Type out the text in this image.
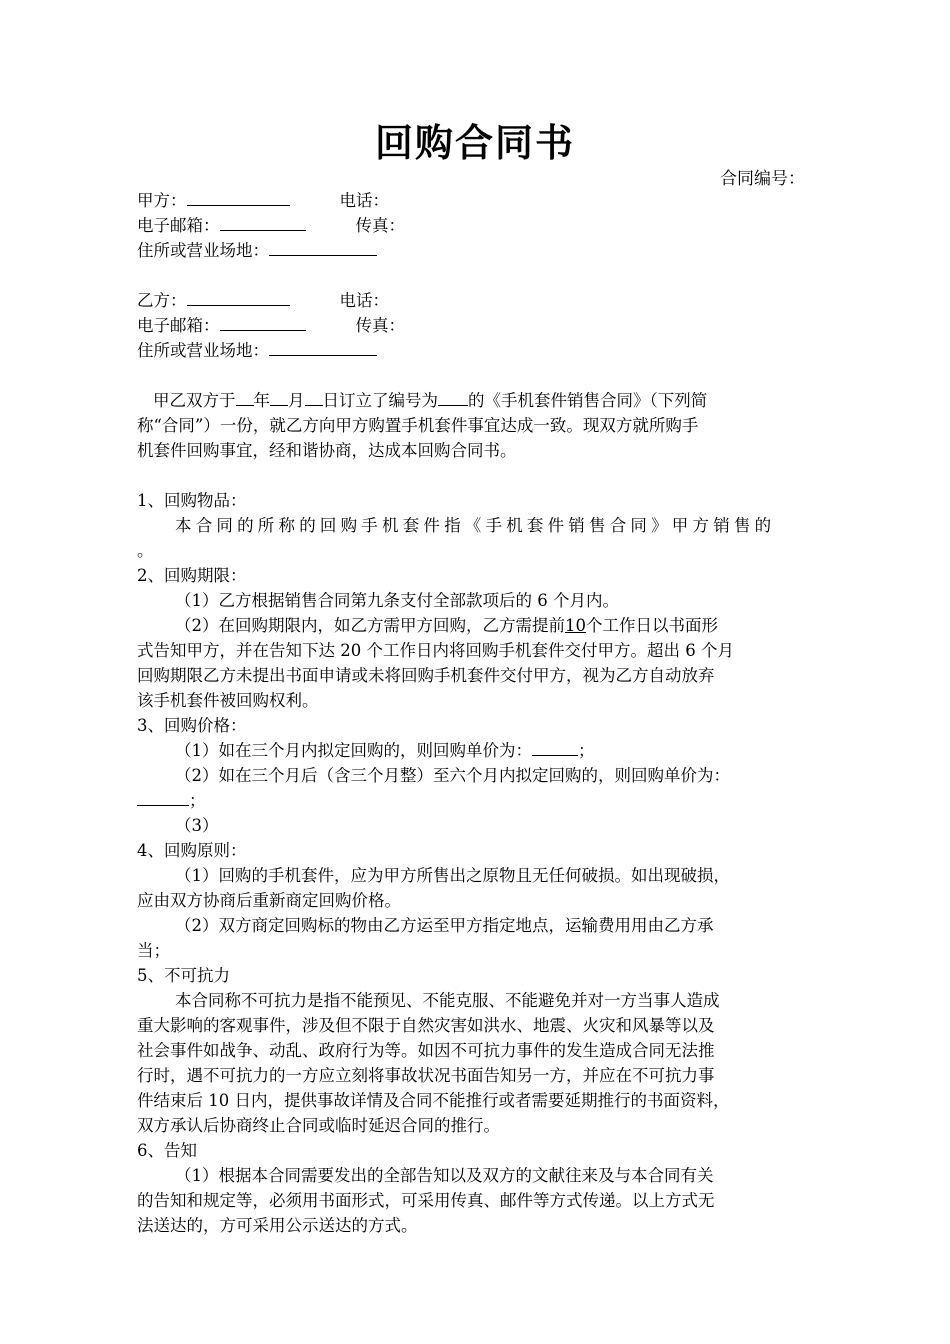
回购合同书
合同编号：
甲方：	电话：
电子邮箱：	传真：
住所或营业场地：
乙方：	电话：
电子邮箱：	传真：
住所或营业场地：
甲乙双方于 年 月 日订立了编号为 的《手机套件销售合同》（下列简
称“合同”）一份，就乙方向甲方购置手机套件事宜达成一致。现双方就所购手
机套件回购事宜，经和谐协商，达成本回购合同书。
1、回购物品：
本合同的所称的回购手机套件指《手机套件销售合同》甲方销售的
。
2、回购期限：
（1）乙方根据销售合同第九条支付全部款项后的 6 个月内。
（2）在回购期限内，如乙方需甲方回购，乙方需提前10个工作日以书面形
式告知甲方，并在告知下达 20 个工作日内将回购手机套件交付甲方。超出 6 个月
回购期限乙方未提出书面申请或未将回购手机套件交付甲方，视为乙方自动放弃
该手机套件被回购权利。
3、回购价格：
（1）如在三个月内拟定回购的，则回购单价为：	；
（2）如在三个月后（含三个月整）至六个月内拟定回购的，则回购单价为：
；
（3）
4、回购原则：
（1）回购的手机套件，应为甲方所售出之原物且无任何破损。如出现破损，
应由双方协商后重新商定回购价格。
（2）双方商定回购标的物由乙方运至甲方指定地点，运输费用用由乙方承
当；
5、不可抗力
本合同称不可抗力是指不能预见、不能克服、不能避免并对一方当事人造成
重大影响的客观事件，涉及但不限于自然灾害如洪水、地震、火灾和风暴等以及
社会事件如战争、动乱、政府行为等。如因不可抗力事件的发生造成合同无法推
行时，遇不可抗力的一方应立刻将事故状况书面告知另一方，并应在不可抗力事
件结束后 10 日内，提供事故详情及合同不能推行或者需要延期推行的书面资料，
双方承认后协商终止合同或临时延迟合同的推行。
6、告知
（1）根据本合同需要发出的全部告知以及双方的文献往来及与本合同有关
的告知和规定等，必须用书面形式，可采用传真、邮件等方式传递。以上方式无
法送达的，方可采用公示送达的方式。
